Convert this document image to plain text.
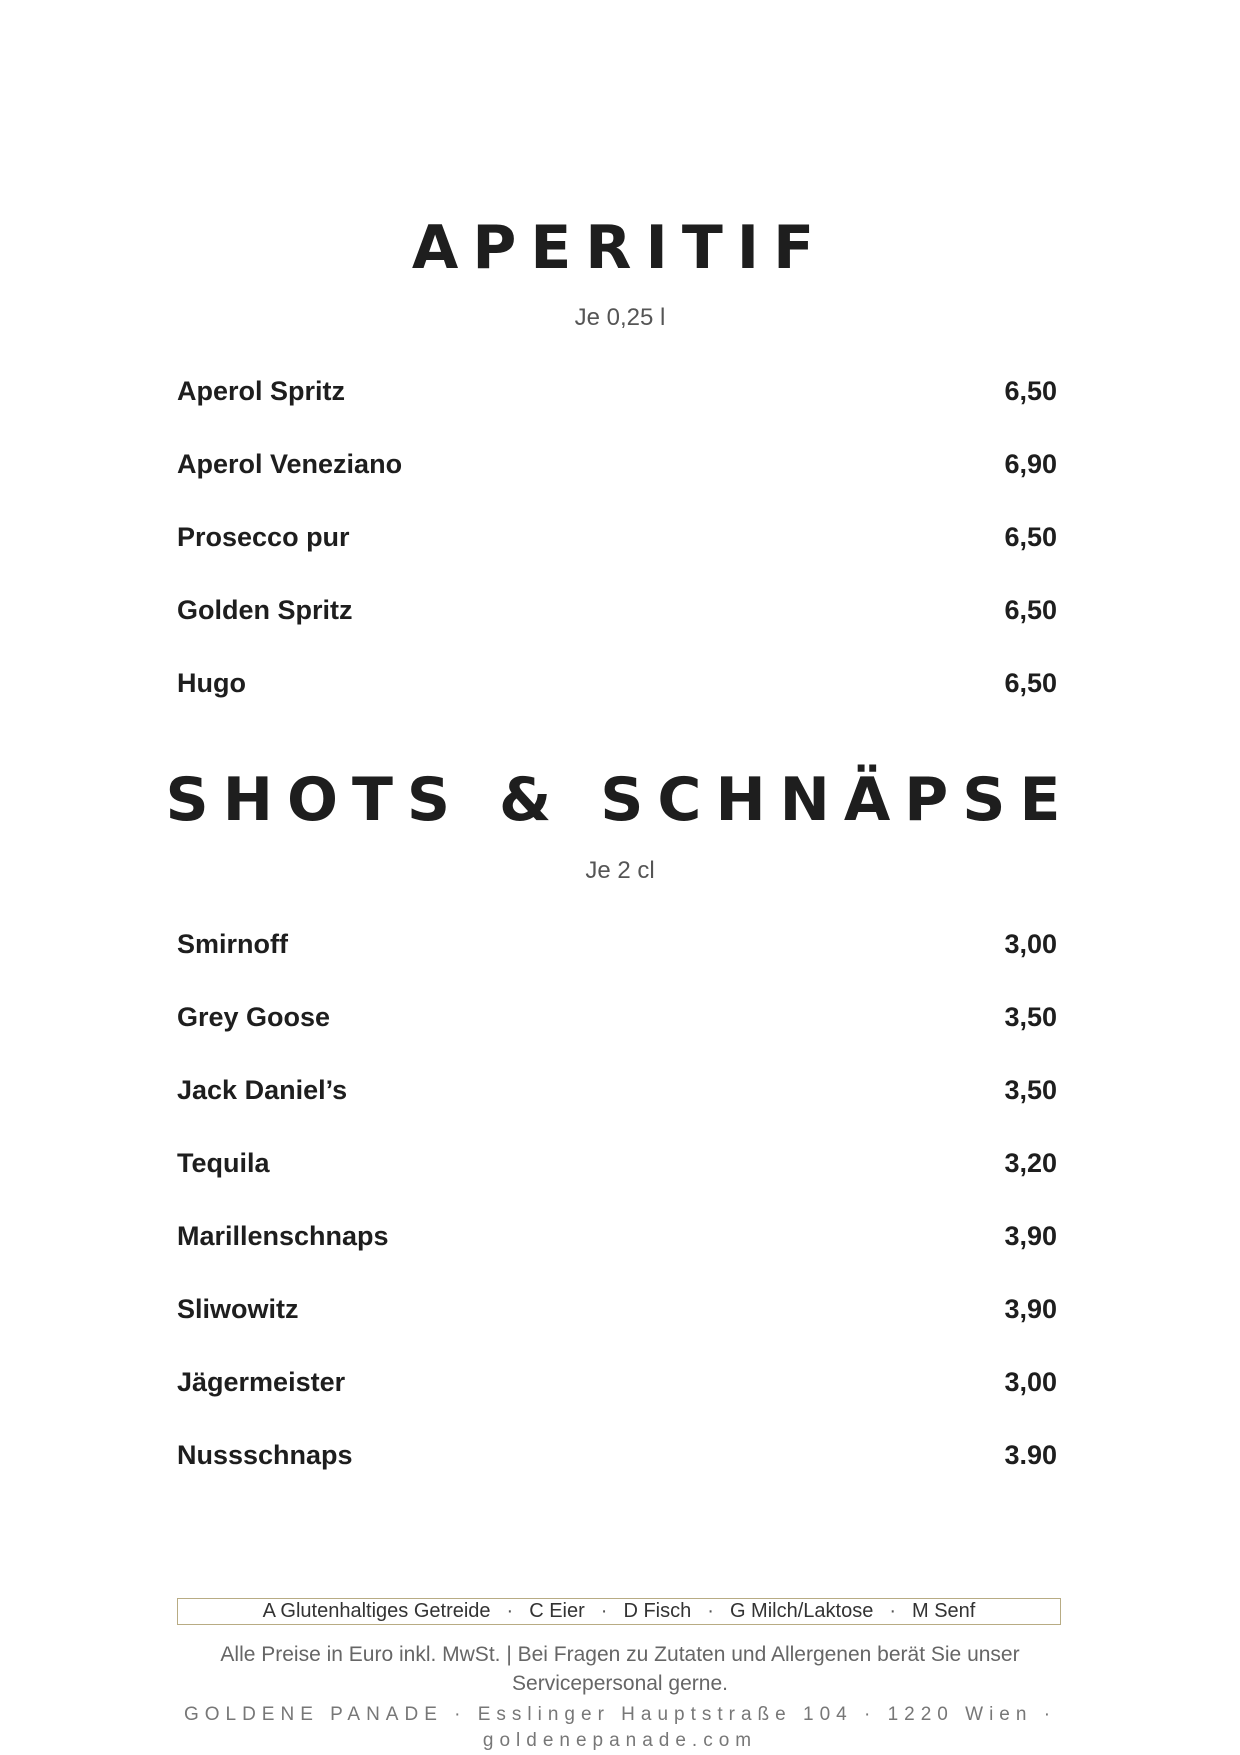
APERITIF
Je 0,25 l
Aperol Spritz	6,50
Aperol Veneziano	6,90
Prosecco pur	6,50
Golden Spritz	6,50
Hugo	6,50
SHOTS & SCHNÄPSE
Je 2 cl
Smirnoff	3,00
Grey Goose	3,50
Jack Daniel’s	3,50
Tequila	3,20
Marillenschnaps	3,90
Sliwowitz	3,90
Jägermeister	3,00
Nussschnaps	3.90
A Glutenhaltiges Getreide · C Eier · D Fisch · G Milch/Laktose · M Senf
Alle Preise in Euro inkl. MwSt. | Bei Fragen zu Zutaten und Allergenen berät Sie unser
Servicepersonal gerne.
GOLDENE PANADE · Esslinger Hauptstraße 104 · 1220 Wien ·
goldenepanade.com
